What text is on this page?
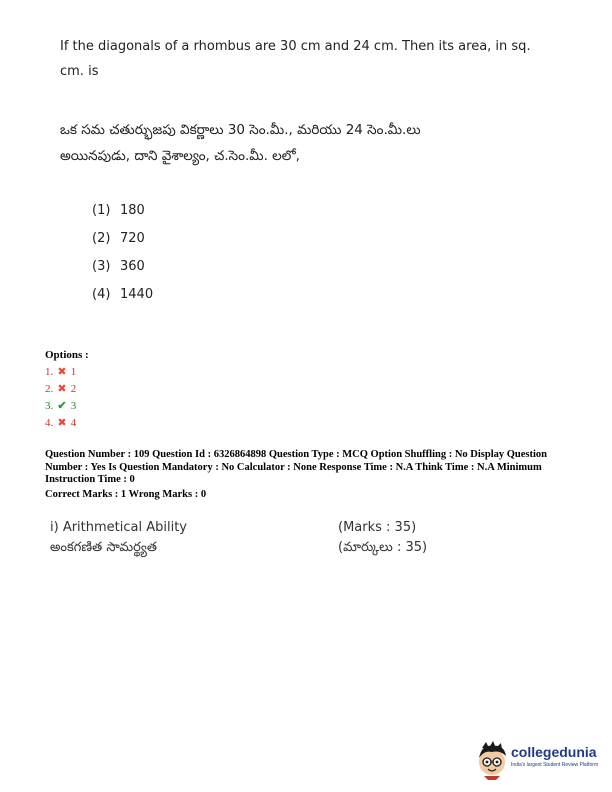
If the diagonals of a rhombus are 30 cm and 24 cm. Then its area, in sq. cm. is
ఒక సమ చతుర్భుజపు వికర్ణాలు 30 సెం.మీ., మరియు 24 సెం.మీ.లు
అయినపుడు, దాని వైశాల్యం, చ.సెం.మీ. లలో,
(1) 180
(2) 720
(3) 360
(4) 1440
Options :
1. ✖ 1
2. ✖ 2
3. ✔ 3
4. ✖ 4
Question Number : 109 Question Id : 6326864898 Question Type : MCQ Option Shuffling : No Display Question Number : Yes Is Question Mandatory : No Calculator : None Response Time : N.A Think Time : N.A Minimum Instruction Time : 0
Correct Marks : 1 Wrong Marks : 0
i) Arithmetical Ability
అంకగణిత సామర్థ్యత
(Marks : 35)
(మార్కులు : 35)
collegedunia
India's largest Student Review Platform
